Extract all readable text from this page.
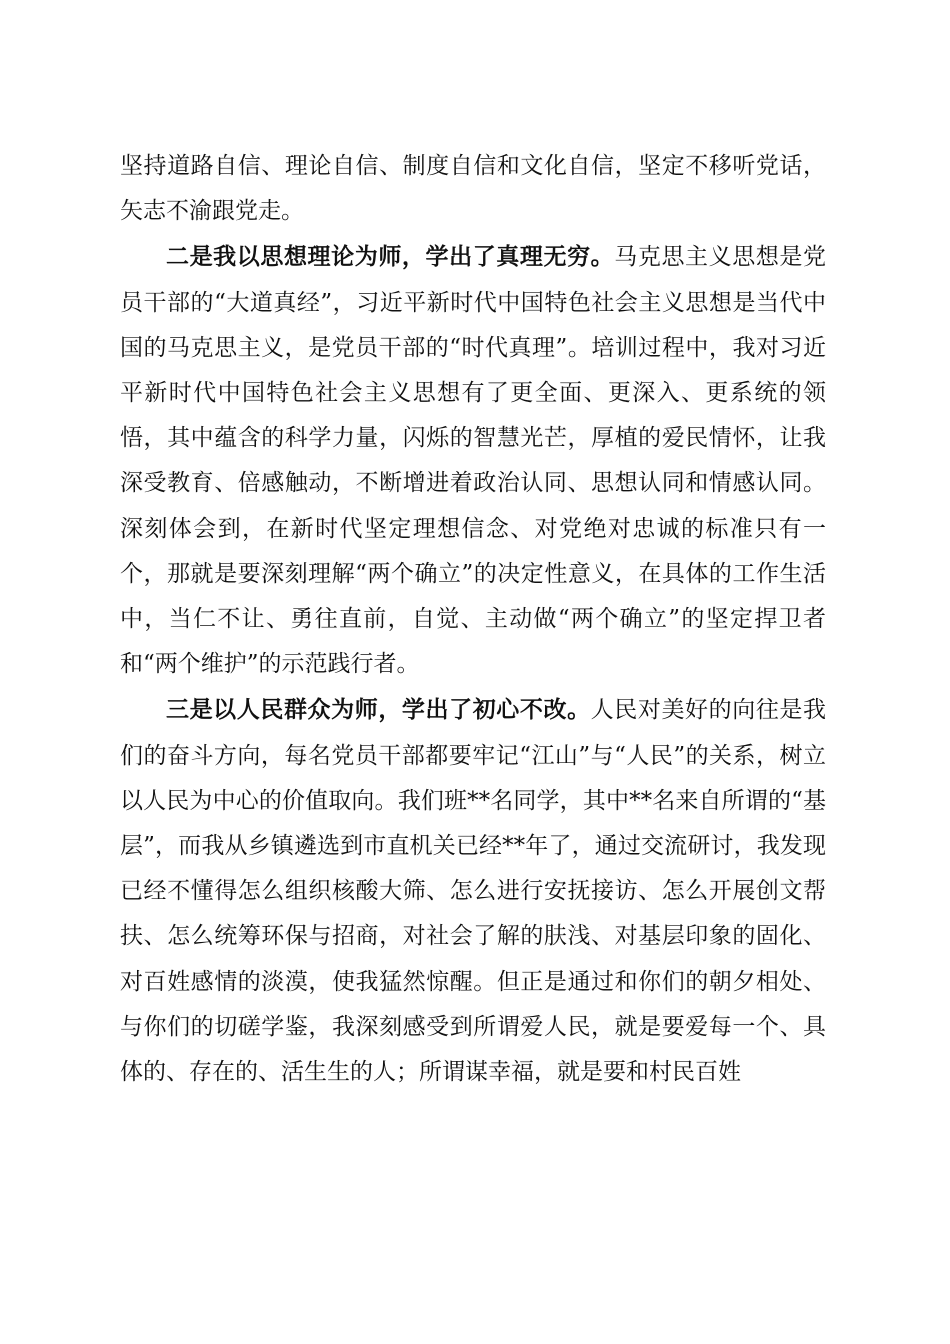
坚持道路自信、理论自信、制度自信和文化自信，坚定不移听党话，矢志不渝跟党走。

二是我以思想理论为师，学出了真理无穷。马克思主义思想是党员干部的“大道真经”，习近平新时代中国特色社会主义思想是当代中国的马克思主义，是党员干部的“时代真理”。培训过程中，我对习近平新时代中国特色社会主义思想有了更全面、更深入、更系统的领悟，其中蕴含的科学力量，闪烁的智慧光芒，厚植的爱民情怀，让我深受教育、倍感触动，不断增进着政治认同、思想认同和情感认同。深刻体会到，在新时代坚定理想信念、对党绝对忠诚的标准只有一个，那就是要深刻理解“两个确立”的决定性意义，在具体的工作生活中，当仁不让、勇往直前，自觉、主动做“两个确立”的坚定捍卫者和“两个维护”的示范践行者。

三是以人民群众为师，学出了初心不改。人民对美好的向往是我们的奋斗方向，每名党员干部都要牢记“江山”与“人民”的关系，树立以人民为中心的价值取向。我们班**名同学，其中**名来自所谓的“基层”，而我从乡镇遴选到市直机关已经**年了，通过交流研讨，我发现已经不懂得怎么组织核酸大筛、怎么进行安抚接访、怎么开展创文帮扶、怎么统筹环保与招商，对社会了解的肤浅、对基层印象的固化、对百姓感情的淡漠，使我猛然惊醒。但正是通过和你们的朝夕相处、与你们的切磋学鉴，我深刻感受到所谓爱人民，就是要爱每一个、具体的、存在的、活生生的人；所谓谋幸福，就是要和村民百姓
